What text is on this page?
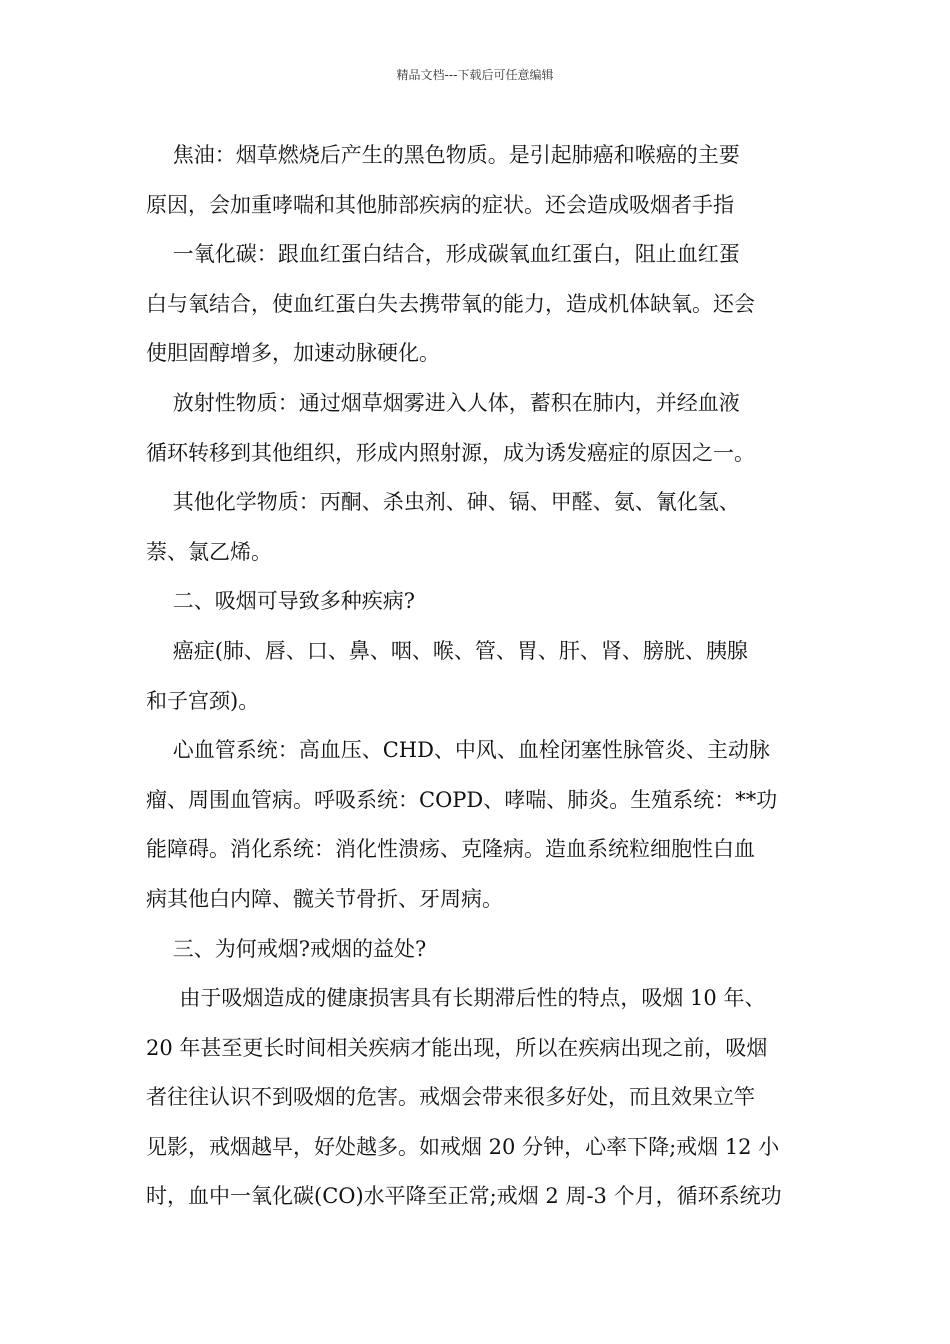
精品文档---下载后可任意编辑

焦油：烟草燃烧后产生的黑色物质。是引起肺癌和喉癌的主要

原因，会加重哮喘和其他肺部疾病的症状。还会造成吸烟者手指

一氧化碳：跟血红蛋白结合，形成碳氧血红蛋白，阻止血红蛋

白与氧结合，使血红蛋白失去携带氧的能力，造成机体缺氧。还会

使胆固醇增多，加速动脉硬化。

放射性物质：通过烟草烟雾进入人体，蓄积在肺内，并经血液

循环转移到其他组织，形成内照射源，成为诱发癌症的原因之一。

其他化学物质：丙酮、杀虫剂、砷、镉、甲醛、氨、氰化氢、

萘、氯乙烯。

二、吸烟可导致多种疾病?

癌症(肺、唇、口、鼻、咽、喉、管、胃、肝、肾、膀胱、胰腺

和子宫颈)。

心血管系统：高血压、CHD、中风、血栓闭塞性脉管炎、主动脉

瘤、周围血管病。呼吸系统：COPD、哮喘、肺炎。生殖系统：**功

能障碍。消化系统：消化性溃疡、克隆病。造血系统粒细胞性白血

病其他白内障、髋关节骨折、牙周病。

三、为何戒烟?戒烟的益处?

由于吸烟造成的健康损害具有长期滞后性的特点，吸烟 10 年、

20 年甚至更长时间相关疾病才能出现，所以在疾病出现之前，吸烟

者往往认识不到吸烟的危害。戒烟会带来很多好处，而且效果立竿

见影，戒烟越早，好处越多。如戒烟 20 分钟，心率下降;戒烟 12 小

时，血中一氧化碳(CO)水平降至正常;戒烟 2 周-3 个月，循环系统功
